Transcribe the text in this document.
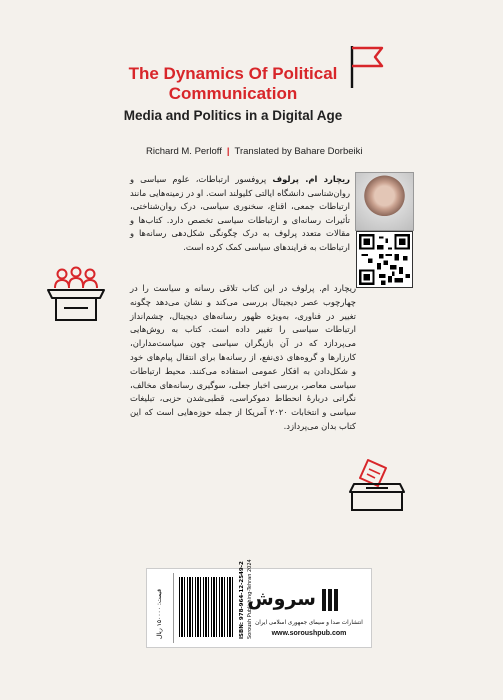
The Dynamics Of Political
Communication
Media and Politics in a Digital Age
Richard M. Perloff | Translated by Bahare Dorbeiki
ریچارد ام. پرلوف پروفسور ارتباطات، علوم سیاسی و روان‌شناسی دانشگاه ایالتی کلیولند است. او در زمینه‌هایی مانند ارتباطات جمعی، اقناع، سخنوری سیاسی، درک روان‌شناختی، تأثیرات رسانه‌ای و ارتباطات سیاسی تخصص دارد. کتاب‌ها و مقالات متعدد پرلوف به درک چگونگی شکل‌دهی رسانه‌ها و ارتباطات به فرایندهای سیاسی کمک کرده است.
ریچارد ام. پرلوف در این کتاب تلاقی رسانه و سیاست را در چهارچوب عصر دیجیتال بررسی می‌کند و نشان می‌دهد چگونه تغییر در فناوری، به‌ویژه ظهور رسانه‌های دیجیتال، چشم‌انداز ارتباطات سیاسی را تغییر داده است. کتاب به روش‌هایی می‌پردازد که در آن بازیگران سیاسی چون سیاست‌مداران، کارزارها و گروه‌های ذی‌نفع، از رسانه‌ها برای انتقال پیام‌های خود و شکل‌دادن به افکار عمومی استفاده می‌کنند. محیط ارتباطات سیاسی معاصر، بررسی اخبار جعلی، سوگیری رسانه‌های مخالف، نگرانی دربارهٔ انحطاط دموکراسی، قطبی‌شدن حزبی، تبلیغات سیاسی و انتخابات ۲۰۲۰ آمریکا از جمله حوزه‌هایی است که این کتاب بدان می‌پردازد.
قیمت: ۱۵۰۰۰۰ ریال	ISBN: 978-964-12-2549-2 Soroush Publishing-Tehran 2024
سروش
انتشارات صدا و سیمای جمهوری اسلامی ایران
www.soroushpub.com
